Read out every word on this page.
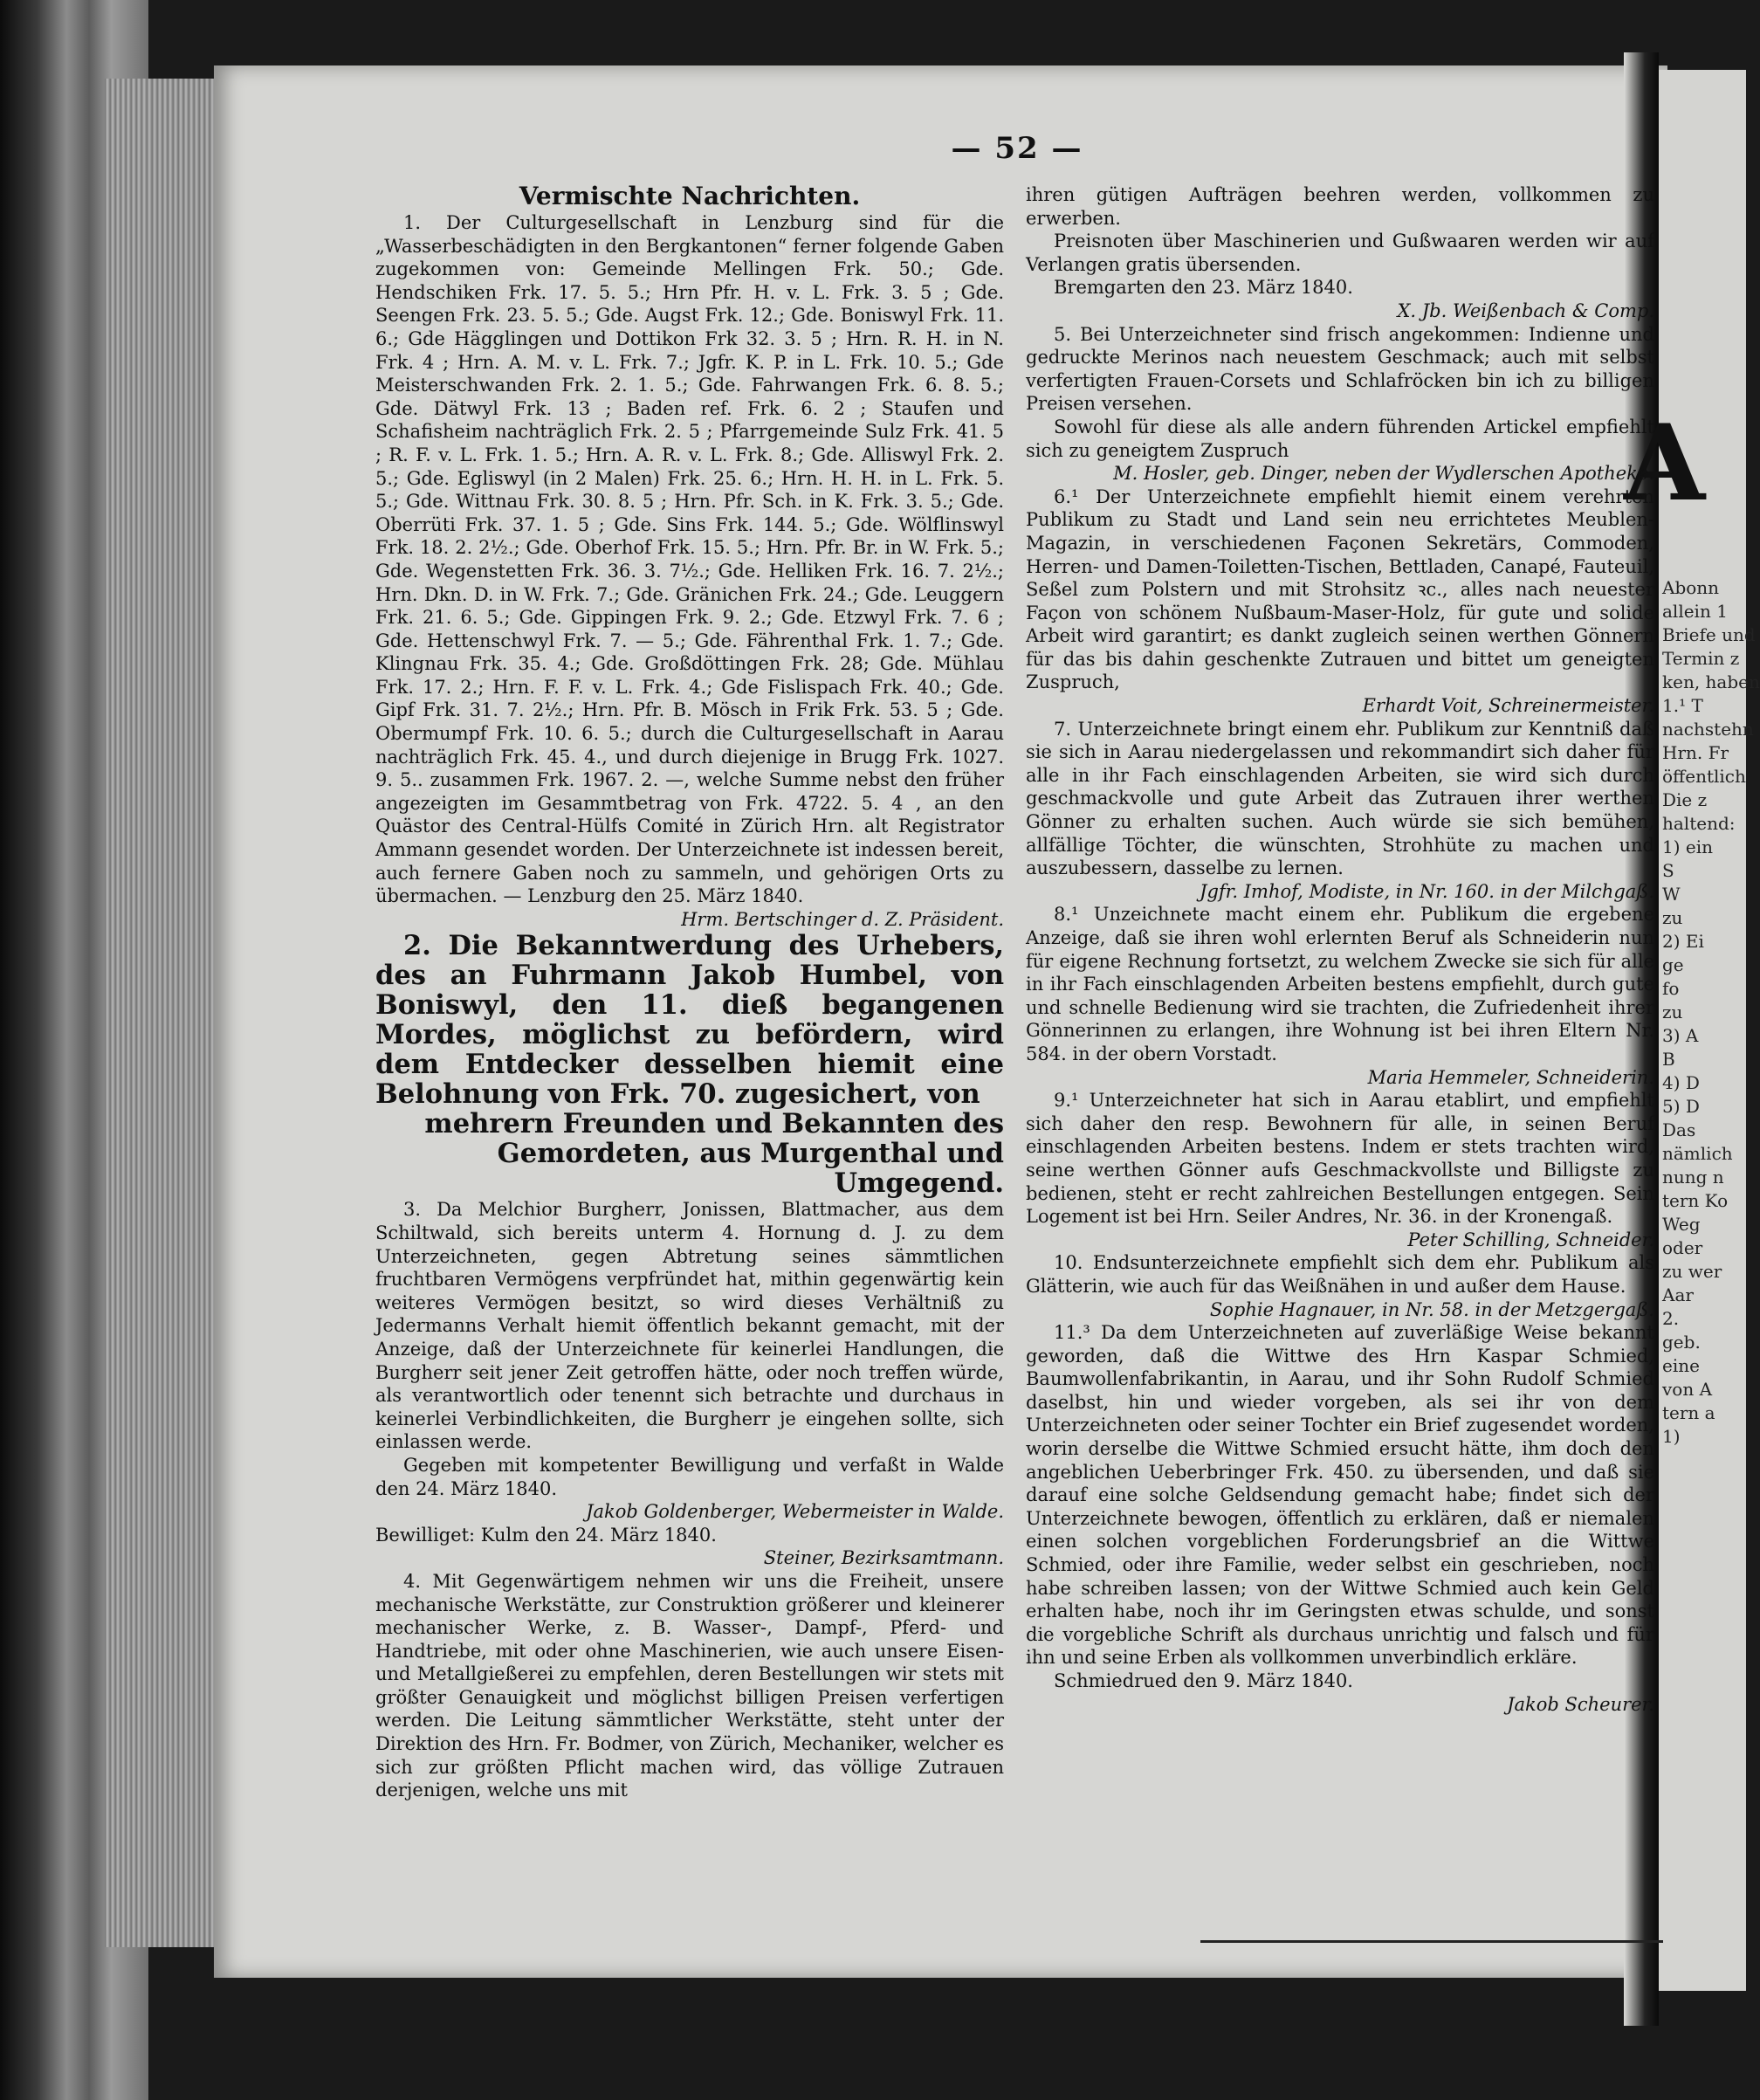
Abonn

allein 1

Briefe und

Termin z

ken, haben

1.¹ T

nachstehn

Hrn. Fr

öffentlich

Die z

haltend:

1) ein

S

W

zu

2) Ei

ge

fo

zu

3) A

B

4) D

5) D

Das

nämlich

nung n

tern Ko

Weg

oder

zu wer

Aar

2.

geb.

eine

von A

tern a

1)

A
— 52 —

Vermischte Nachrichten.

1. Der Culturgesellschaft in Lenzburg sind für die „Wasserbeschädigten in den Bergkantonen“ ferner folgende Gaben zugekommen von: Gemeinde Mellingen Frk. 50.; Gde. Hendschiken Frk. 17. 5. 5.; Hrn Pfr. H. v. L. Frk. 3. 5 ; Gde. Seengen Frk. 23. 5. 5.; Gde. Augst Frk. 12.; Gde. Boniswyl Frk. 11. 6.; Gde Hägglingen und Dottikon Frk 32. 3. 5 ; Hrn. R. H. in N. Frk. 4 ; Hrn. A. M. v. L. Frk. 7.; Jgfr. K. P. in L. Frk. 10. 5.; Gde Meisterschwanden Frk. 2. 1. 5.; Gde. Fahrwangen Frk. 6. 8. 5.; Gde. Dätwyl Frk. 13 ; Baden ref. Frk. 6. 2 ; Staufen und Schafisheim nachträglich Frk. 2. 5 ; Pfarrgemeinde Sulz Frk. 41. 5 ; R. F. v. L. Frk. 1. 5.; Hrn. A. R. v. L. Frk. 8.; Gde. Alliswyl Frk. 2. 5.; Gde. Egliswyl (in 2 Malen) Frk. 25. 6.; Hrn. H. H. in L. Frk. 5. 5.; Gde. Wittnau Frk. 30. 8. 5 ; Hrn. Pfr. Sch. in K. Frk. 3. 5.; Gde. Oberrüti Frk. 37. 1. 5 ; Gde. Sins Frk. 144. 5.; Gde. Wölflinswyl Frk. 18. 2. 2½.; Gde. Oberhof Frk. 15. 5.; Hrn. Pfr. Br. in W. Frk. 5.; Gde. Wegenstetten Frk. 36. 3. 7½.; Gde. Helliken Frk. 16. 7. 2½.; Hrn. Dkn. D. in W. Frk. 7.; Gde. Gränichen Frk. 24.; Gde. Leuggern Frk. 21. 6. 5.; Gde. Gippingen Frk. 9. 2.; Gde. Etzwyl Frk. 7. 6 ; Gde. Hettenschwyl Frk. 7. — 5.; Gde. Fährenthal Frk. 1. 7.; Gde. Klingnau Frk. 35. 4.; Gde. Großdöttingen Frk. 28; Gde. Mühlau Frk. 17. 2.; Hrn. F. F. v. L. Frk. 4.; Gde Fislispach Frk. 40.; Gde. Gipf Frk. 31. 7. 2½.; Hrn. Pfr. B. Mösch in Frik Frk. 53. 5 ; Gde. Obermumpf Frk. 10. 6. 5.; durch die Culturgesellschaft in Aarau nachträglich Frk. 45. 4., und durch diejenige in Brugg Frk. 1027. 9. 5.. zusammen Frk. 1967. 2. —, welche Summe nebst den früher angezeigten im Gesammtbetrag von Frk. 4722. 5. 4 , an den Quästor des Central-Hülfs Comité in Zürich Hrn. alt Registrator Ammann gesendet worden. Der Unterzeichnete ist indessen bereit, auch fernere Gaben noch zu sammeln, und gehörigen Orts zu übermachen. — Lenzburg den 25. März 1840.

Hrm. Bertschinger d. Z. Präsident.

2. Die Bekanntwerdung des Urhebers, des an Fuhrmann Jakob Humbel, von Boniswyl, den 11. dieß begangenen Mordes, möglichst zu befördern, wird dem Entdecker desselben hiemit eine Belohnung von Frk. 70. zugesichert, von

mehrern Freunden und Bekannten des Gemordeten, aus Murgenthal und Umgegend.

3. Da Melchior Burgherr, Jonissen, Blattmacher, aus dem Schiltwald, sich bereits unterm 4. Hornung d. J. zu dem Unterzeichneten, gegen Abtretung seines sämmtlichen fruchtbaren Vermögens verpfründet hat, mithin gegenwärtig kein weiteres Vermögen besitzt, so wird dieses Verhältniß zu Jedermanns Verhalt hiemit öffentlich bekannt gemacht, mit der Anzeige, daß der Unterzeichnete für keinerlei Handlungen, die Burgherr seit jener Zeit getroffen hätte, oder noch treffen würde, als verantwortlich oder tenennt sich betrachte und durchaus in keinerlei Verbindlichkeiten, die Burgherr je eingehen sollte, sich einlassen werde.

Gegeben mit kompetenter Bewilligung und verfaßt in Walde den 24. März 1840.

Jakob Goldenberger, Webermeister in Walde.

Bewilliget: Kulm den 24. März 1840.

Steiner, Bezirksamtmann.

4. Mit Gegenwärtigem nehmen wir uns die Freiheit, unsere mechanische Werkstätte, zur Construktion größerer und kleinerer mechanischer Werke, z. B. Wasser-, Dampf-, Pferd- und Handtriebe, mit oder ohne Maschinerien, wie auch unsere Eisen- und Metallgießerei zu empfehlen, deren Bestellungen wir stets mit größter Genauigkeit und möglichst billigen Preisen verfertigen werden. Die Leitung sämmtlicher Werkstätte, steht unter der Direktion des Hrn. Fr. Bodmer, von Zürich, Mechaniker, welcher es sich zur größten Pflicht machen wird, das völlige Zutrauen derjenigen, welche uns mit

ihren gütigen Aufträgen beehren werden, vollkommen zu erwerben.

Preisnoten über Maschinerien und Gußwaaren werden wir auf Verlangen gratis übersenden.

Bremgarten den 23. März 1840.

X. Jb. Weißenbach & Comp.

5. Bei Unterzeichneter sind frisch angekommen: Indienne und gedruckte Merinos nach neuestem Geschmack; auch mit selbst verfertigten Frauen-Corsets und Schlafröcken bin ich zu billigen Preisen versehen.

Sowohl für diese als alle andern führenden Artickel empfiehlt sich zu geneigtem Zuspruch

M. Hosler, geb. Dinger, neben der Wydlerschen Apotheke.

6.¹ Der Unterzeichnete empfiehlt hiemit einem verehrten Publikum zu Stadt und Land sein neu errichtetes Meublen-Magazin, in verschiedenen Façonen Sekretärs, Commoden, Herren- und Damen-Toiletten-Tischen, Bettladen, Canapé, Fauteuil, Seßel zum Polstern und mit Strohsitz ꝛc., alles nach neuester Façon von schönem Nußbaum-Maser-Holz, für gute und solide Arbeit wird garantirt; es dankt zugleich seinen werthen Gönnern für das bis dahin geschenkte Zutrauen und bittet um geneigten Zuspruch,

Erhardt Voit, Schreinermeister.

7. Unterzeichnete bringt einem ehr. Publikum zur Kenntniß daß sie sich in Aarau niedergelassen und rekommandirt sich daher für alle in ihr Fach einschlagenden Arbeiten, sie wird sich durch geschmackvolle und gute Arbeit das Zutrauen ihrer werthen Gönner zu erhalten suchen. Auch würde sie sich bemühen, allfällige Töchter, die wünschten, Strohhüte zu machen und auszubessern, dasselbe zu lernen.

Jgfr. Imhof, Modiste, in Nr. 160. in der Milchgaß.

8.¹ Unzeichnete macht einem ehr. Publikum die ergebene Anzeige, daß sie ihren wohl erlernten Beruf als Schneiderin nun für eigene Rechnung fortsetzt, zu welchem Zwecke sie sich für alle in ihr Fach einschlagenden Arbeiten bestens empfiehlt, durch gute und schnelle Bedienung wird sie trachten, die Zufriedenheit ihrer Gönnerinnen zu erlangen, ihre Wohnung ist bei ihren Eltern Nr. 584. in der obern Vorstadt.

Maria Hemmeler, Schneiderin.

9.¹ Unterzeichneter hat sich in Aarau etablirt, und empfiehlt sich daher den resp. Bewohnern für alle, in seinen Beruf einschlagenden Arbeiten bestens. Indem er stets trachten wird, seine werthen Gönner aufs Geschmackvollste und Billigste zu bedienen, steht er recht zahlreichen Bestellungen entgegen. Sein Logement ist bei Hrn. Seiler Andres, Nr. 36. in der Kronengaß.

Peter Schilling, Schneider.

10. Endsunterzeichnete empfiehlt sich dem ehr. Publikum als Glätterin, wie auch für das Weißnähen in und außer dem Hause.

Sophie Hagnauer, in Nr. 58. in der Metzgergaß.

11.³ Da dem Unterzeichneten auf zuverläßige Weise bekannt geworden, daß die Wittwe des Hrn Kaspar Schmied, Baumwollenfabrikantin, in Aarau, und ihr Sohn Rudolf Schmied daselbst, hin und wieder vorgeben, als sei ihr von dem Unterzeichneten oder seiner Tochter ein Brief zugesendet worden, worin derselbe die Wittwe Schmied ersucht hätte, ihm doch den angeblichen Ueberbringer Frk. 450. zu übersenden, und daß sie darauf eine solche Geldsendung gemacht habe; findet sich der Unterzeichnete bewogen, öffentlich zu erklären, daß er niemalen einen solchen vorgeblichen Forderungsbrief an die Wittwe Schmied, oder ihre Familie, weder selbst ein geschrieben, noch habe schreiben lassen; von der Wittwe Schmied auch kein Geld erhalten habe, noch ihr im Geringsten etwas schulde, und sonst die vorgebliche Schrift als durchaus unrichtig und falsch und für ihn und seine Erben als vollkommen unverbindlich erkläre.

Schmiedrued den 9. März 1840.

Jakob Scheurer.
